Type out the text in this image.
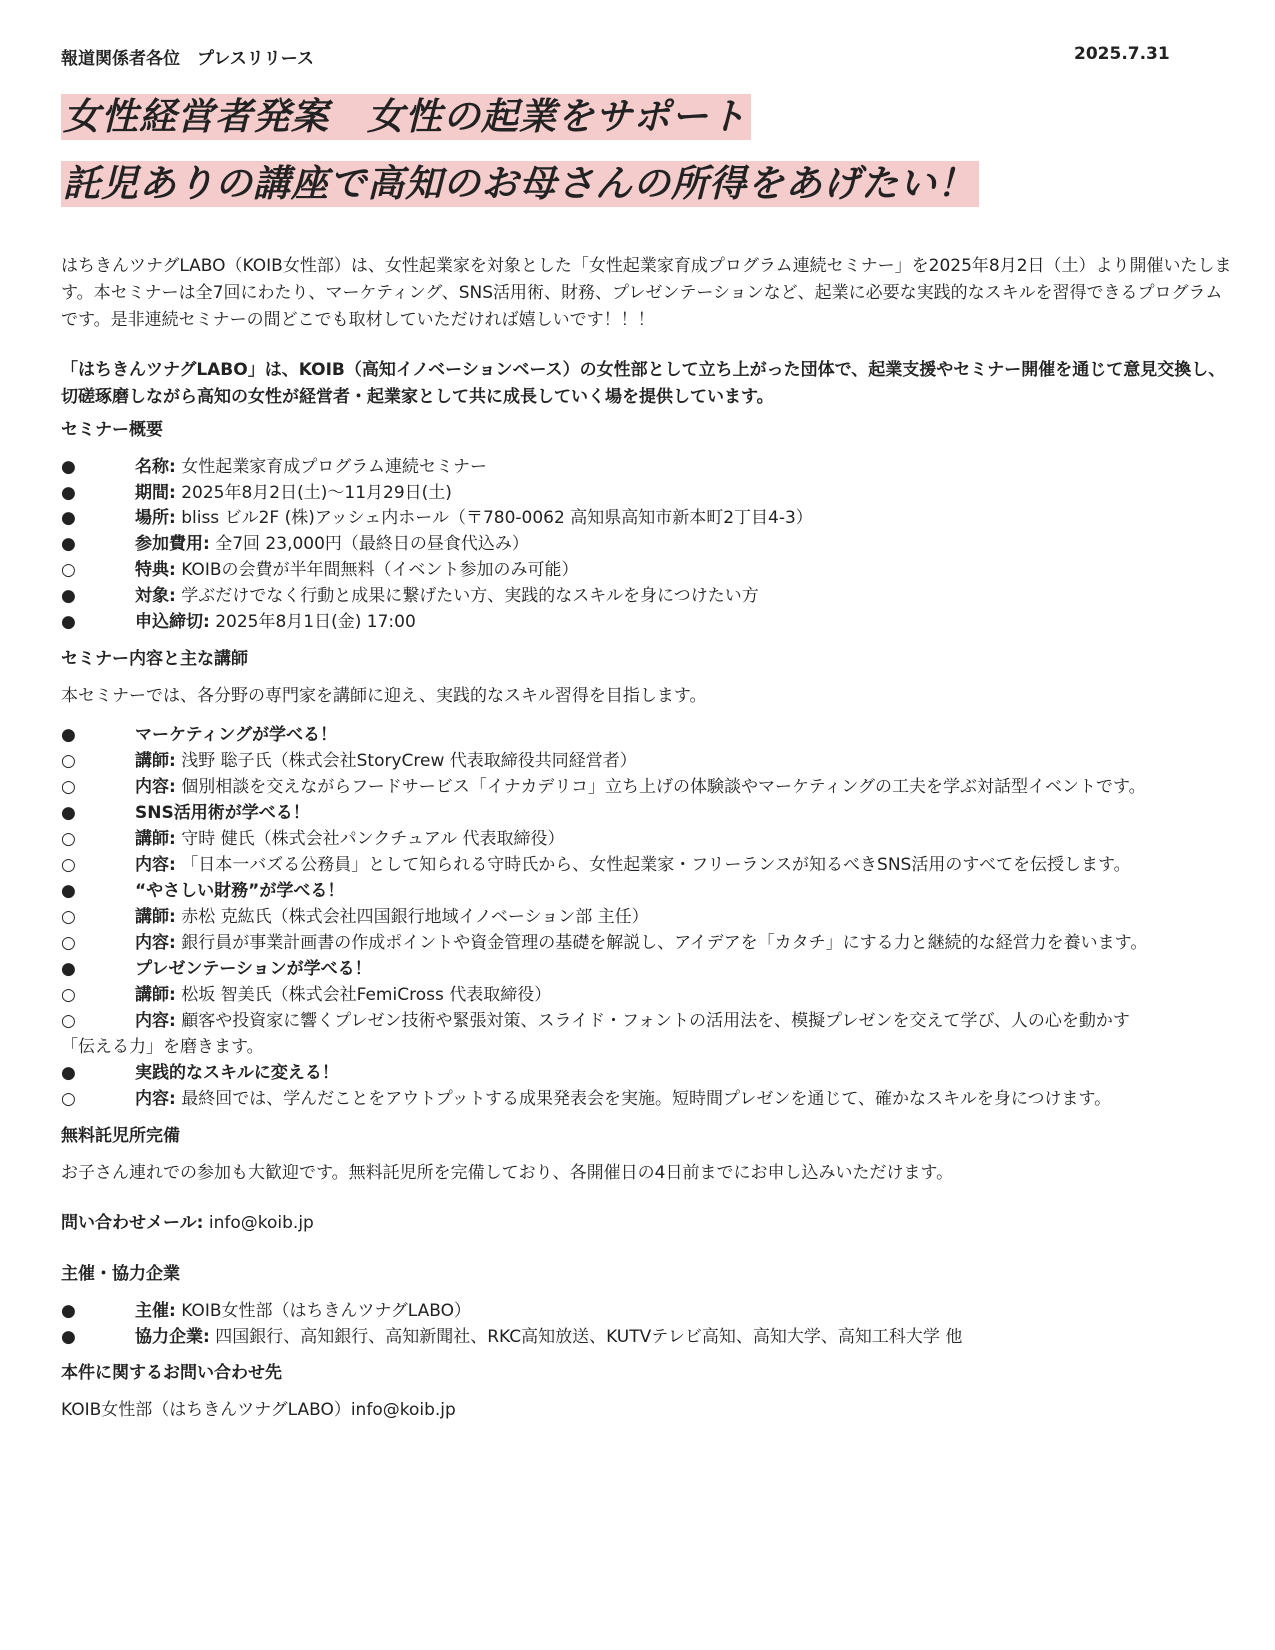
報道関係者各位　プレスリリース	2025.7.31
女性経営者発案　女性の起業をサポート
託児ありの講座で高知のお母さんの所得をあげたい！
はちきんツナグLABO（KOIB女性部）は、女性起業家を対象とした「女性起業家育成プログラム連続セミナー」を2025年8月2日（土）より開催いたします。本セミナーは全7回にわたり、マーケティング、SNS活用術、財務、プレゼンテーションなど、起業に必要な実践的なスキルを習得できるプログラムです。是非連続セミナーの間どこでも取材していただければ嬉しいです！！！
「はちきんツナグLABO」は、KOIB（高知イノベーションベース）の女性部として立ち上がった団体で、起業支援やセミナー開催を通じて意見交換し、切磋琢磨しながら高知の女性が経営者・起業家として共に成長していく場を提供しています。
セミナー概要
●	名称: 女性起業家育成プログラム連続セミナー
●	期間: 2025年8月2日(土)〜11月29日(土)
●	場所: bliss ビル2F (株)アッシェ内ホール（〒780-0062 高知県高知市新本町2丁目4-3）
●	参加費用: 全7回 23,000円（最終日の昼食代込み）
○	特典: KOIBの会費が半年間無料（イベント参加のみ可能）
●	対象: 学ぶだけでなく行動と成果に繋げたい方、実践的なスキルを身につけたい方
●	申込締切: 2025年8月1日(金) 17:00
セミナー内容と主な講師
本セミナーでは、各分野の専門家を講師に迎え、実践的なスキル習得を目指します。
●	マーケティングが学べる！
○	講師: 浅野 聡子氏（株式会社StoryCrew 代表取締役共同経営者）
○	内容: 個別相談を交えながらフードサービス「イナカデリコ」立ち上げの体験談やマーケティングの工夫を学ぶ対話型イベントです。
●	SNS活用術が学べる！
○	講師: 守時 健氏（株式会社パンクチュアル 代表取締役）
○	内容: 「日本一バズる公務員」として知られる守時氏から、女性起業家・フリーランスが知るべきSNS活用のすべてを伝授します。
●	“やさしい財務”が学べる！
○	講師: 赤松 克紘氏（株式会社四国銀行地域イノベーション部 主任）
○	内容: 銀行員が事業計画書の作成ポイントや資金管理の基礎を解説し、アイデアを「カタチ」にする力と継続的な経営力を養います。
●	プレゼンテーションが学べる！
○	講師: 松坂 智美氏（株式会社FemiCross 代表取締役）
○	内容: 顧客や投資家に響くプレゼン技術や緊張対策、スライド・フォントの活用法を、模擬プレゼンを交えて学び、人の心を動かす
「伝える力」を磨きます。
●	実践的なスキルに変える！
○	内容: 最終回では、学んだことをアウトプットする成果発表会を実施。短時間プレゼンを通じて、確かなスキルを身につけます。
無料託児所完備
お子さん連れでの参加も大歓迎です。無料託児所を完備しており、各開催日の4日前までにお申し込みいただけます。
問い合わせメール: info@koib.jp
主催・協力企業
●	主催: KOIB女性部（はちきんツナグLABO）
●	協力企業: 四国銀行、高知銀行、高知新聞社、RKC高知放送、KUTVテレビ高知、高知大学、高知工科大学 他
本件に関するお問い合わせ先
KOIB女性部（はちきんツナグLABO）info@koib.jp
